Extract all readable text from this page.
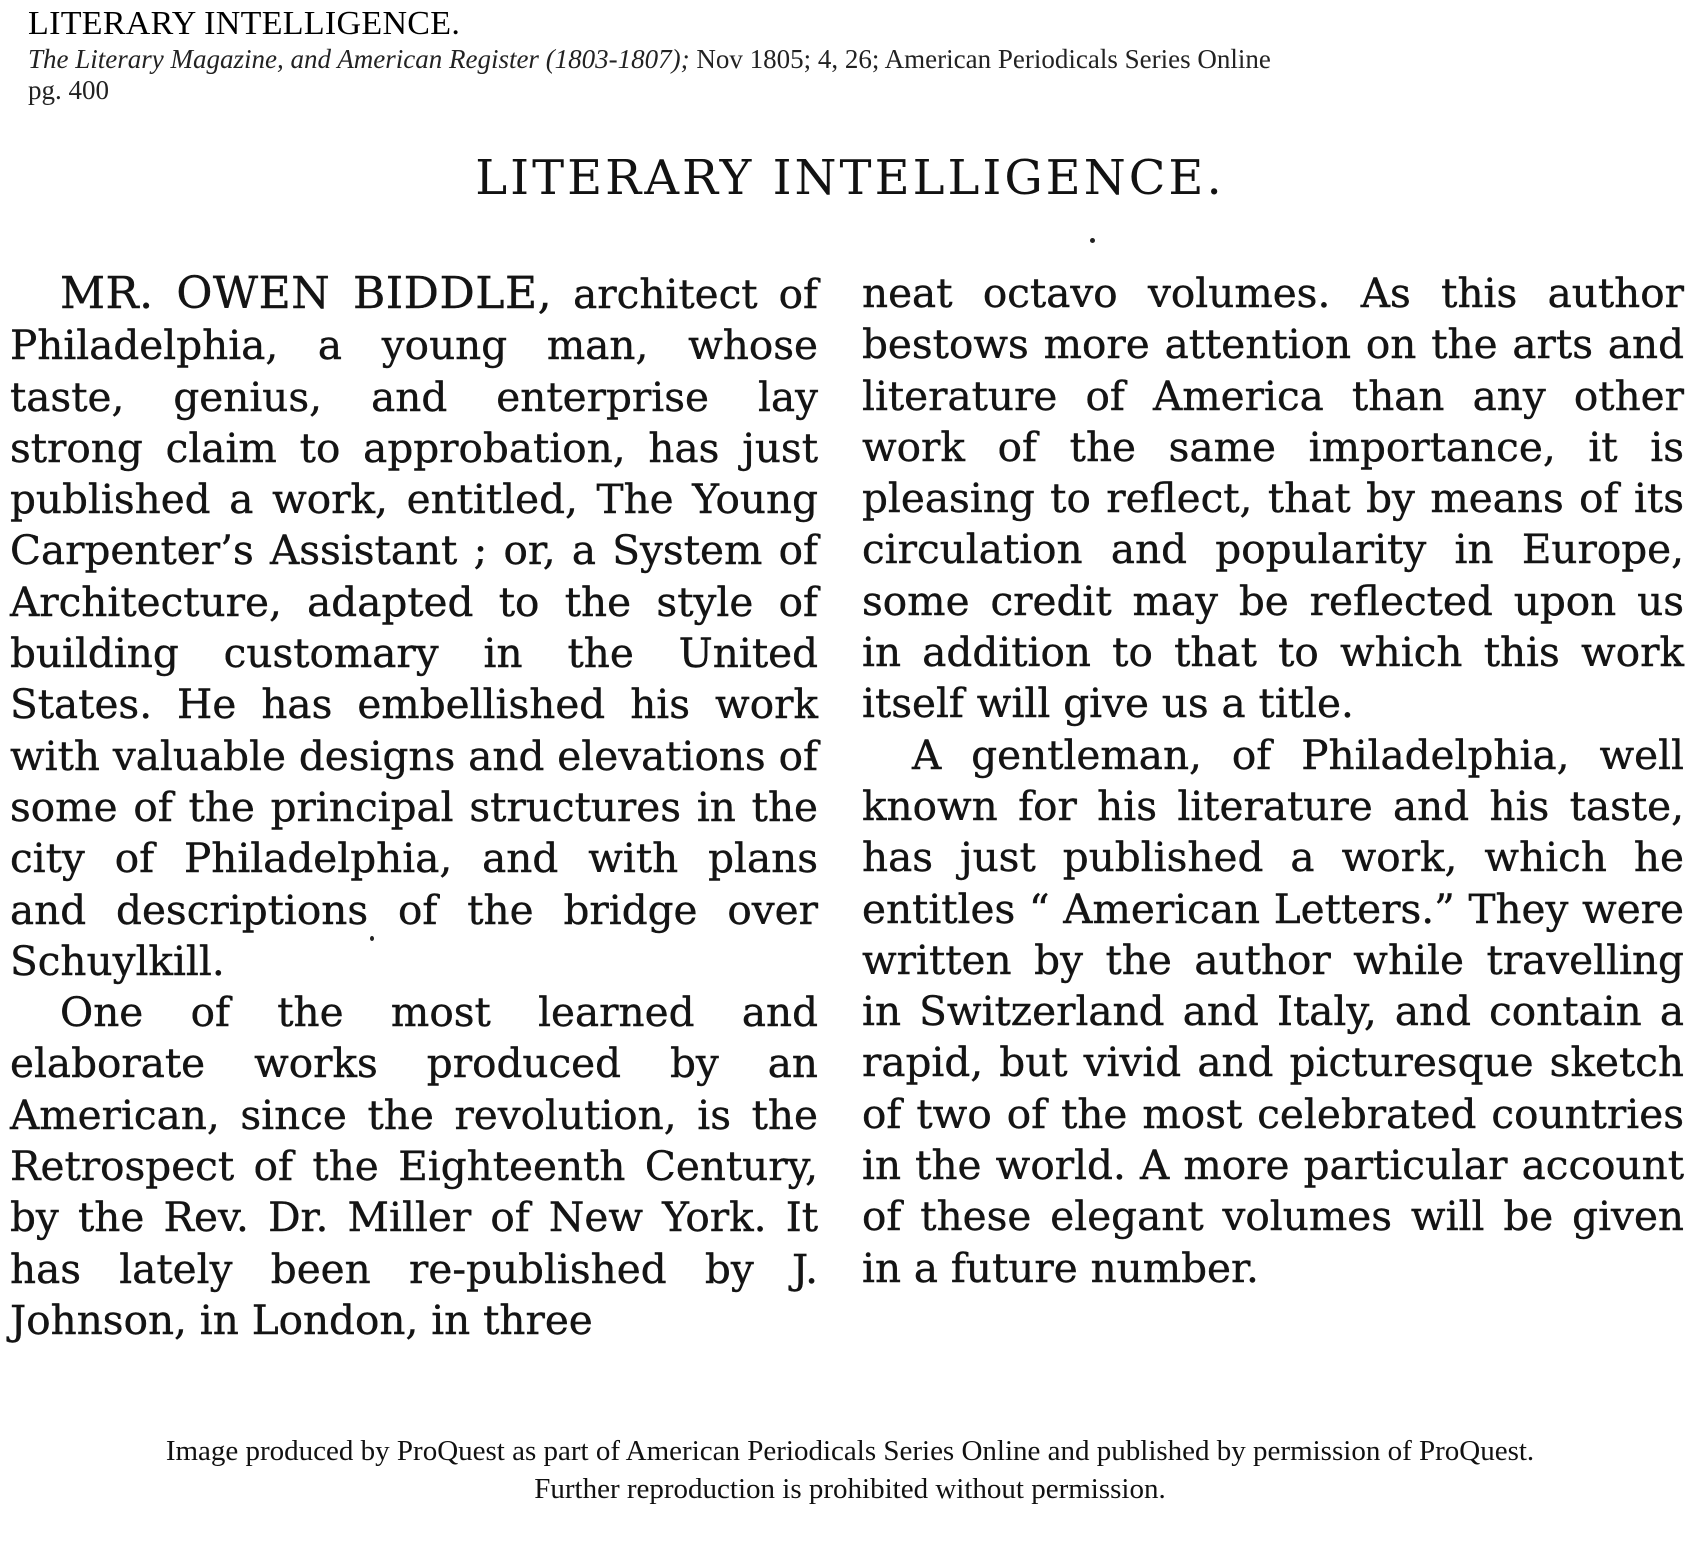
LITERARY INTELLIGENCE.
The Literary Magazine, and American Register (1803-1807); Nov 1805; 4, 26; American Periodicals Series Online
pg. 400
LITERARY INTELLIGENCE.

MR. OWEN BIDDLE, architect of Philadelphia, a young man, whose taste, genius, and enterprise lay strong claim to approbation, has just published a work, entitled, The Young Carpenter’s Assistant ; or, a System of Architecture, adapted to the style of building customary in the United States. He has embellished his work with valuable designs and elevations of some of the principal structures in the city of Philadelphia, and with plans and descriptions of the bridge over Schuylkill.

One of the most learned and elaborate works produced by an American, since the revolution, is the Retrospect of the Eighteenth Century, by the Rev. Dr. Miller of New York. It has lately been re-published by J. Johnson, in London, in three

neat octavo volumes. As this author bestows more attention on the arts and literature of America than any other work of the same importance, it is pleasing to reflect, that by means of its circulation and popularity in Europe, some credit may be reflected upon us in addition to that to which this work itself will give us a title.

A gentleman, of Philadelphia, well known for his literature and his taste, has just published a work, which he entitles “ American Letters.” They were written by the author while travelling in Switzerland and Italy, and contain a rapid, but vivid and picturesque sketch of two of the most celebrated countries in the world. A more particular account of these elegant volumes will be given in a future number.

Image produced by ProQuest as part of American Periodicals Series Online and published by permission of ProQuest.
Further reproduction is prohibited without permission.
